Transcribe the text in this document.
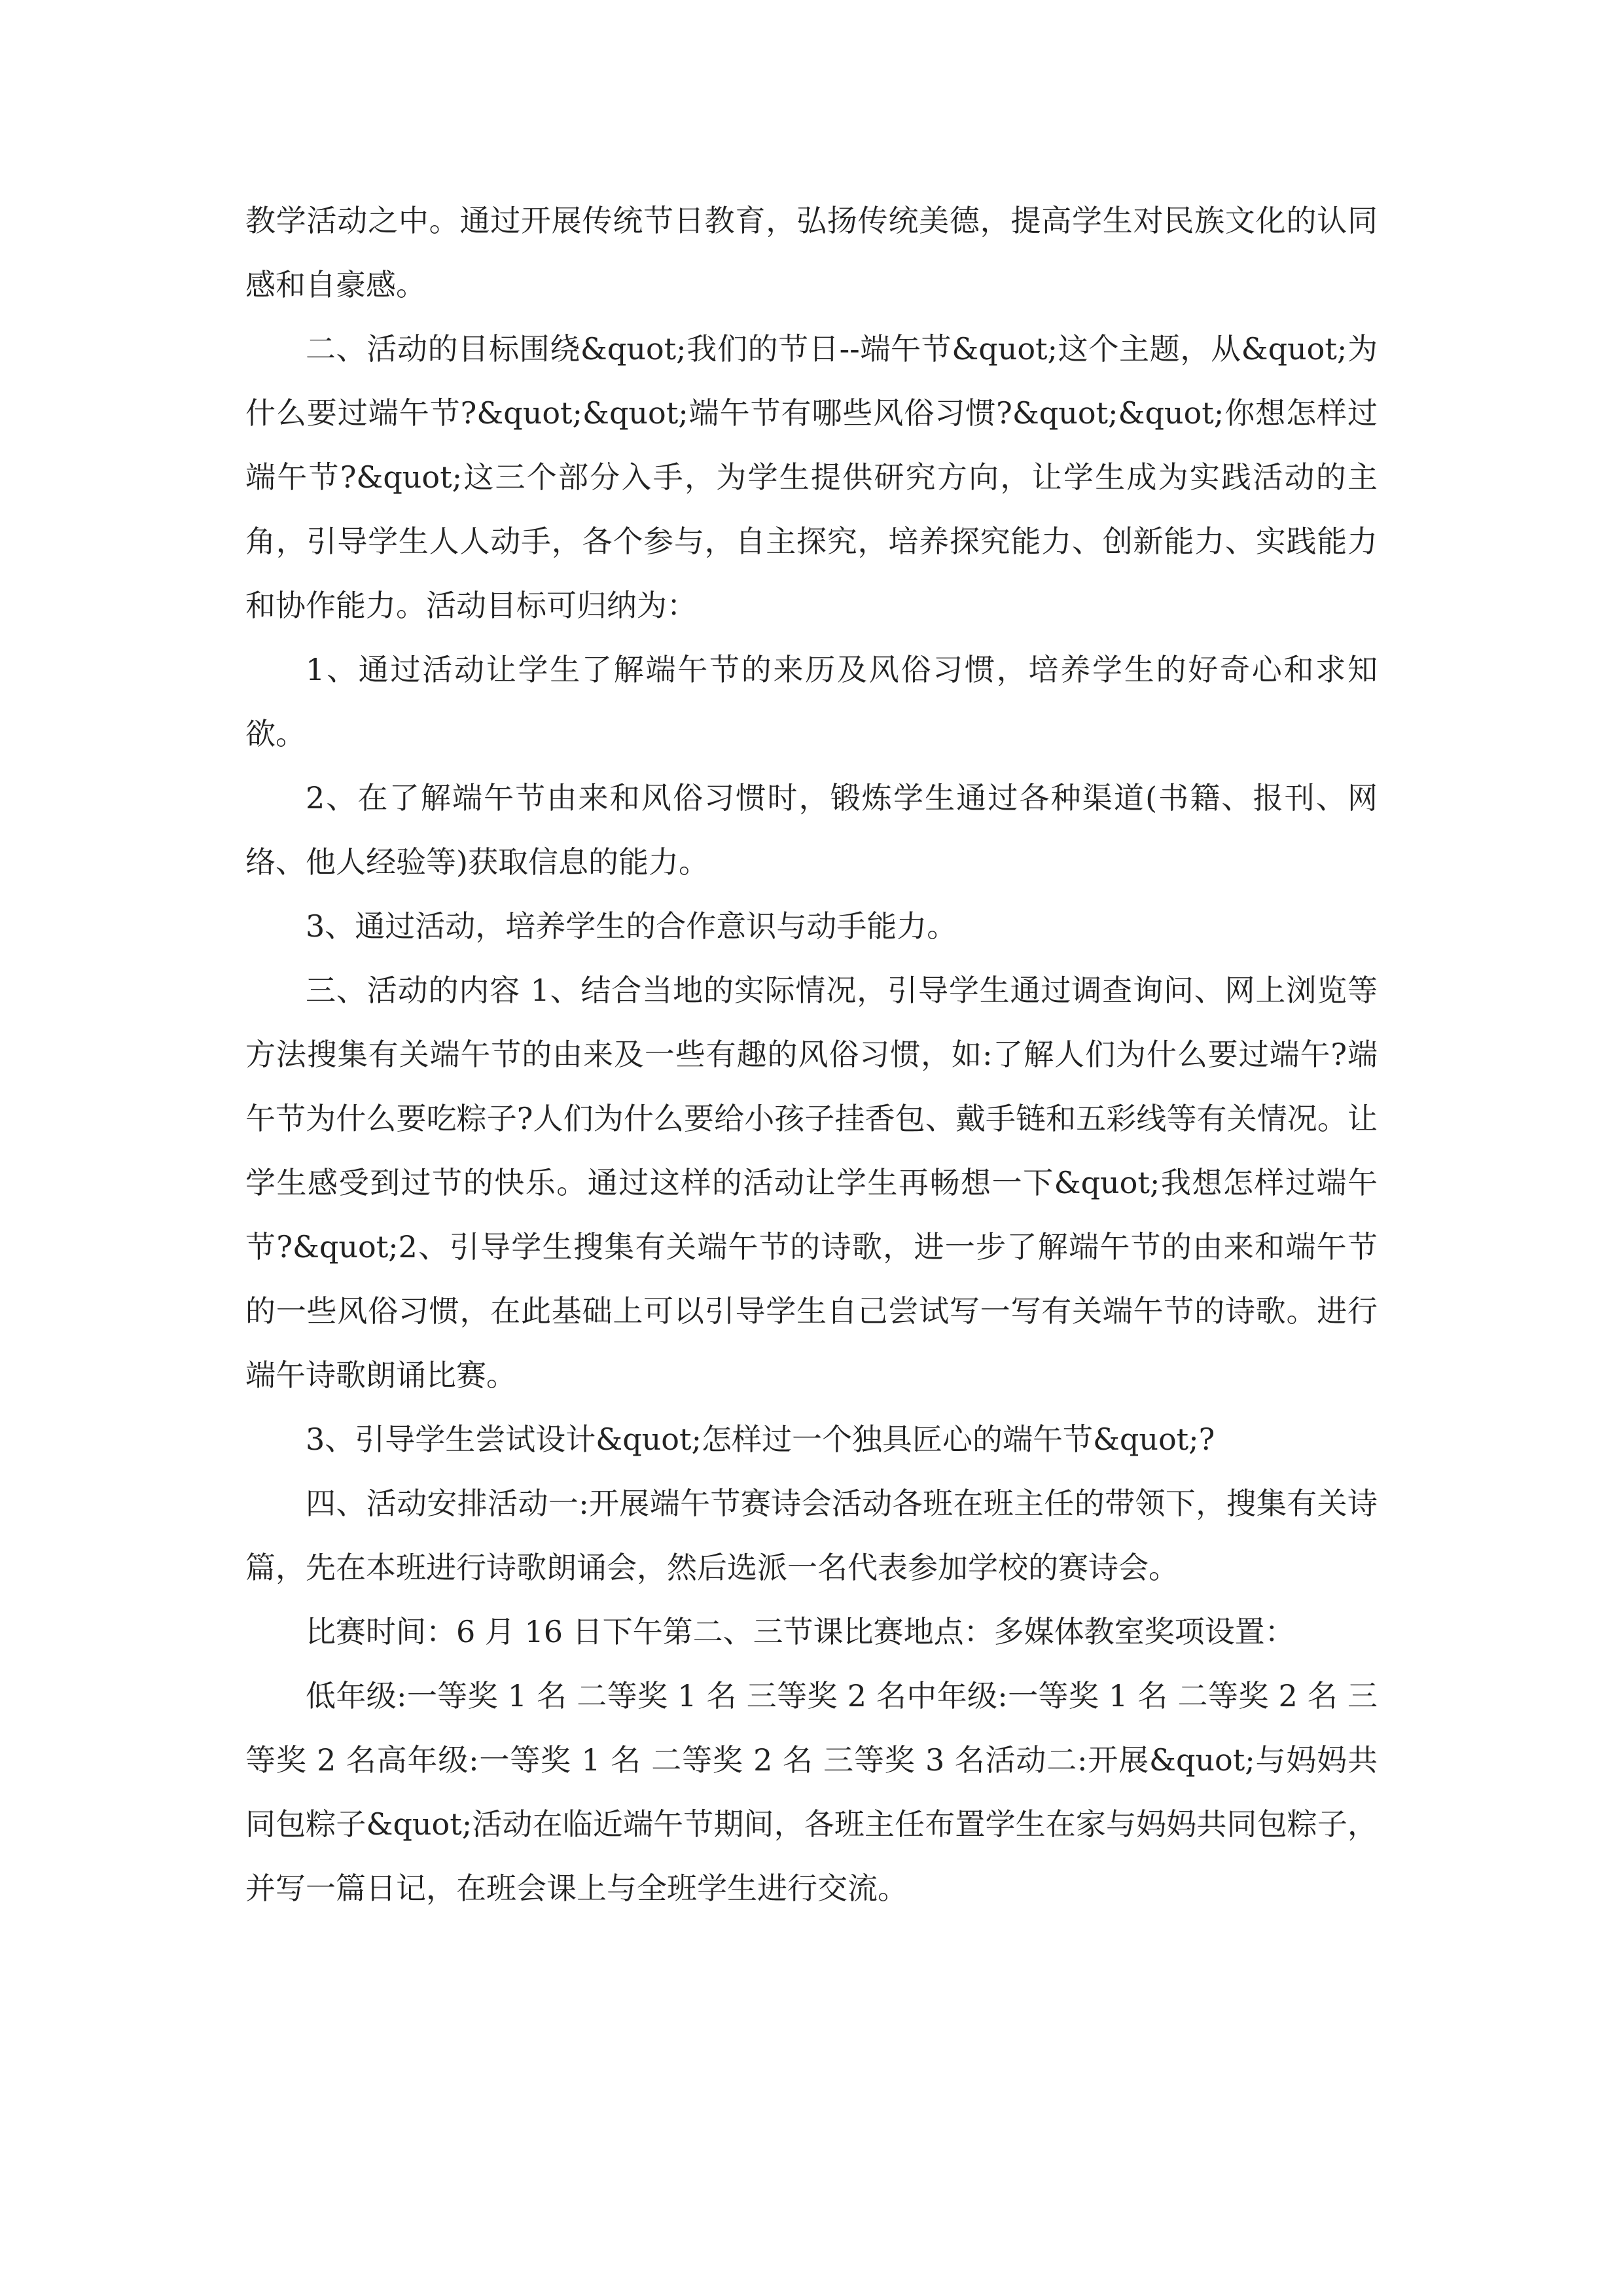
教学活动之中。通过开展传统节日教育，弘扬传统美德，提高学生对民族文化的认同感和自豪感。

二、活动的目标围绕&quot;我们的节日--端午节&quot;这个主题，从&quot;为什么要过端午节?&quot;&quot;端午节有哪些风俗习惯?&quot;&quot;你想怎样过端午节?&quot;这三个部分入手，为学生提供研究方向，让学生成为实践活动的主角，引导学生人人动手，各个参与，自主探究，培养探究能力、创新能力、实践能力和协作能力。活动目标可归纳为：

1、通过活动让学生了解端午节的来历及风俗习惯，培养学生的好奇心和求知欲。

2、在了解端午节由来和风俗习惯时，锻炼学生通过各种渠道(书籍、报刊、网络、他人经验等)获取信息的能力。

3、通过活动，培养学生的合作意识与动手能力。

三、活动的内容 1、结合当地的实际情况，引导学生通过调查询问、网上浏览等方法搜集有关端午节的由来及一些有趣的风俗习惯，如:了解人们为什么要过端午?端午节为什么要吃粽子?人们为什么要给小孩子挂香包、戴手链和五彩线等有关情况。让学生感受到过节的快乐。通过这样的活动让学生再畅想一下&quot;我想怎样过端午节?&quot;2、引导学生搜集有关端午节的诗歌，进一步了解端午节的由来和端午节的一些风俗习惯，在此基础上可以引导学生自己尝试写一写有关端午节的诗歌。进行端午诗歌朗诵比赛。

3、引导学生尝试设计&quot;怎样过一个独具匠心的端午节&quot;?

四、活动安排活动一:开展端午节赛诗会活动各班在班主任的带领下，搜集有关诗篇，先在本班进行诗歌朗诵会，然后选派一名代表参加学校的赛诗会。

比赛时间：6 月 16 日下午第二、三节课比赛地点：多媒体教室奖项设置：

低年级:一等奖 1 名 二等奖 1 名 三等奖 2 名中年级:一等奖 1 名 二等奖 2 名 三等奖 2 名高年级:一等奖 1 名 二等奖 2 名 三等奖 3 名活动二:开展&quot;与妈妈共同包粽子&quot;活动在临近端午节期间，各班主任布置学生在家与妈妈共同包粽子，并写一篇日记，在班会课上与全班学生进行交流。
